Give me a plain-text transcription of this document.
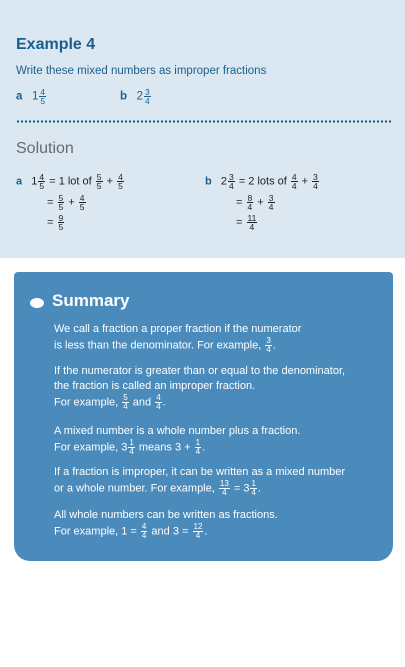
Example 4
Write these mixed numbers as improper fractions
a $1 \frac{4}{5}$	b $2 \frac{3}{4}$
Solution
a $1 \frac{4}{5} = 1$ lot of $\frac{5}{5} + \frac{4}{5}$
= $\frac{5}{5} + \frac{4}{5}$
= $\frac{9}{5}$
b $2 \frac{3}{4} = 2$ lots of $\frac{4}{4} + \frac{3}{4}$
= $\frac{8}{4} + \frac{3}{4}$
= $\frac{11}{4}$
Summary
We call a fraction a proper fraction if the numerator
is less than the denominator. For example, $\frac{3}{4}$ .
If the numerator is greater than or equal to the denominator,
the fraction is called an improper fraction.
For example, $\frac{5}{4}$ and $\frac{4}{4}$ .
A mixed number is a whole number plus a fraction.
For example, $3 \frac{1}{4}$ means $3 + \frac{1}{4}$ .
If a fraction is improper, it can be written as a mixed number
or a whole number. For example, $\frac{13}{4} = 3 \frac{1}{4}$ .
All whole numbers can be written as fractions.
For example, $1 = \frac{4}{4}$ and $3 = \frac{12}{4}$ .
